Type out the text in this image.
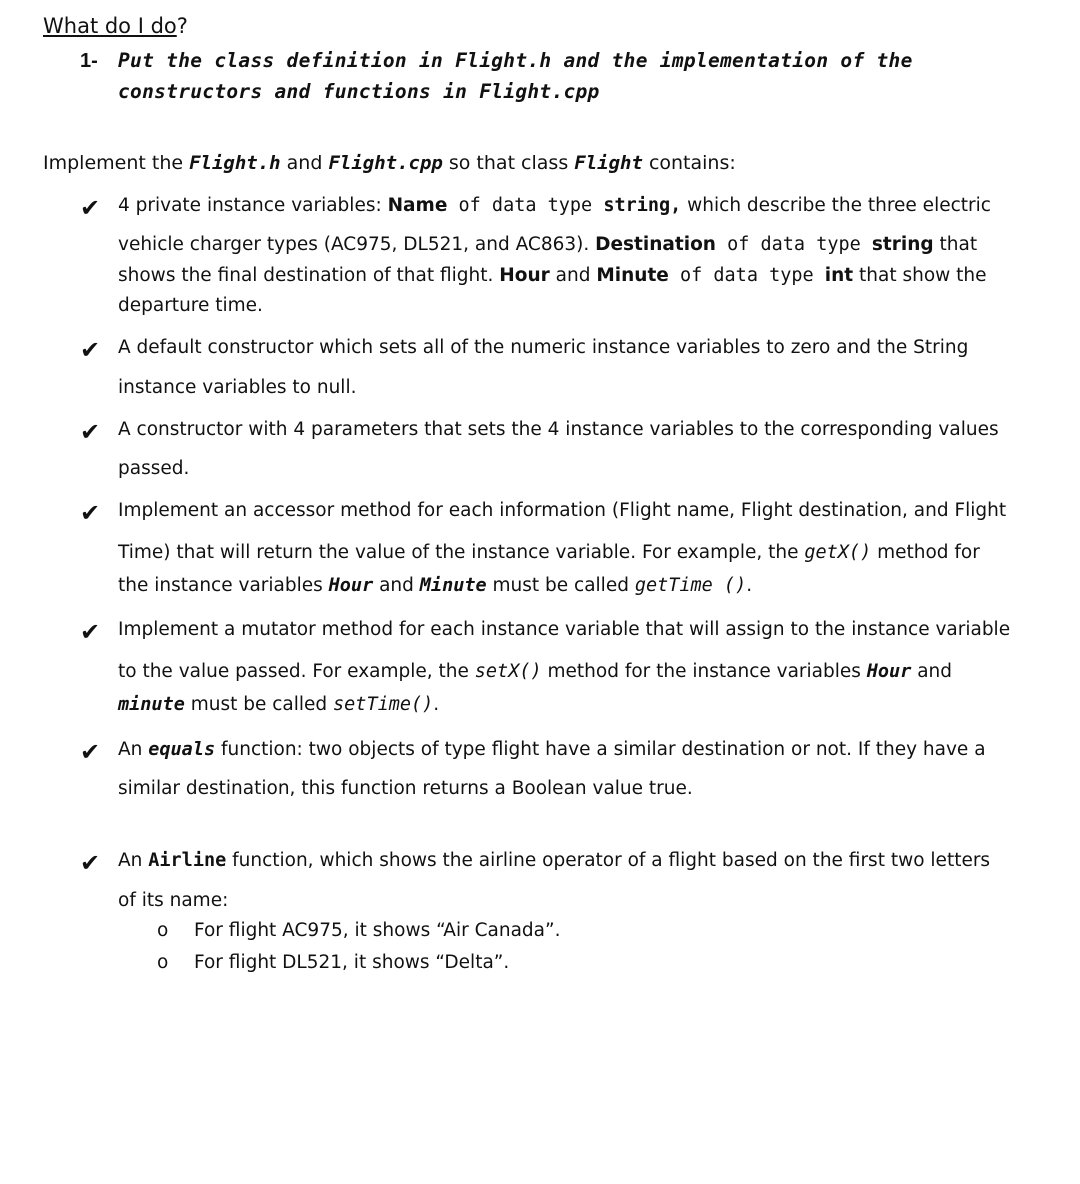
What do I do?
1- Put the class definition in Flight.h and the implementation of the
constructors and functions in Flight.cpp
Implement the Flight.h and Flight.cpp so that class Flight contains:
✔ 4 private instance variables: Name of data type string, which describe the three electric
vehicle charger types (AC975, DL521, and AC863). Destination of data type string that
shows the final destination of that flight. Hour and Minute of data type int that show the
departure time.
✔ A default constructor which sets all of the numeric instance variables to zero and the String
instance variables to null.
✔ A constructor with 4 parameters that sets the 4 instance variables to the corresponding values
passed.
✔ Implement an accessor method for each information (Flight name, Flight destination, and Flight
Time) that will return the value of the instance variable. For example, the getX() method for
the instance variables Hour and Minute must be called getTime ().
✔ Implement a mutator method for each instance variable that will assign to the instance variable
to the value passed. For example, the setX() method for the instance variables Hour and
minute must be called setTime().
✔ An equals function: two objects of type flight have a similar destination or not. If they have a
similar destination, this function returns a Boolean value true.
✔ An Airline function, which shows the airline operator of a flight based on the first two letters
of its name:
o For flight AC975, it shows “Air Canada”.
o For flight DL521, it shows “Delta”.
